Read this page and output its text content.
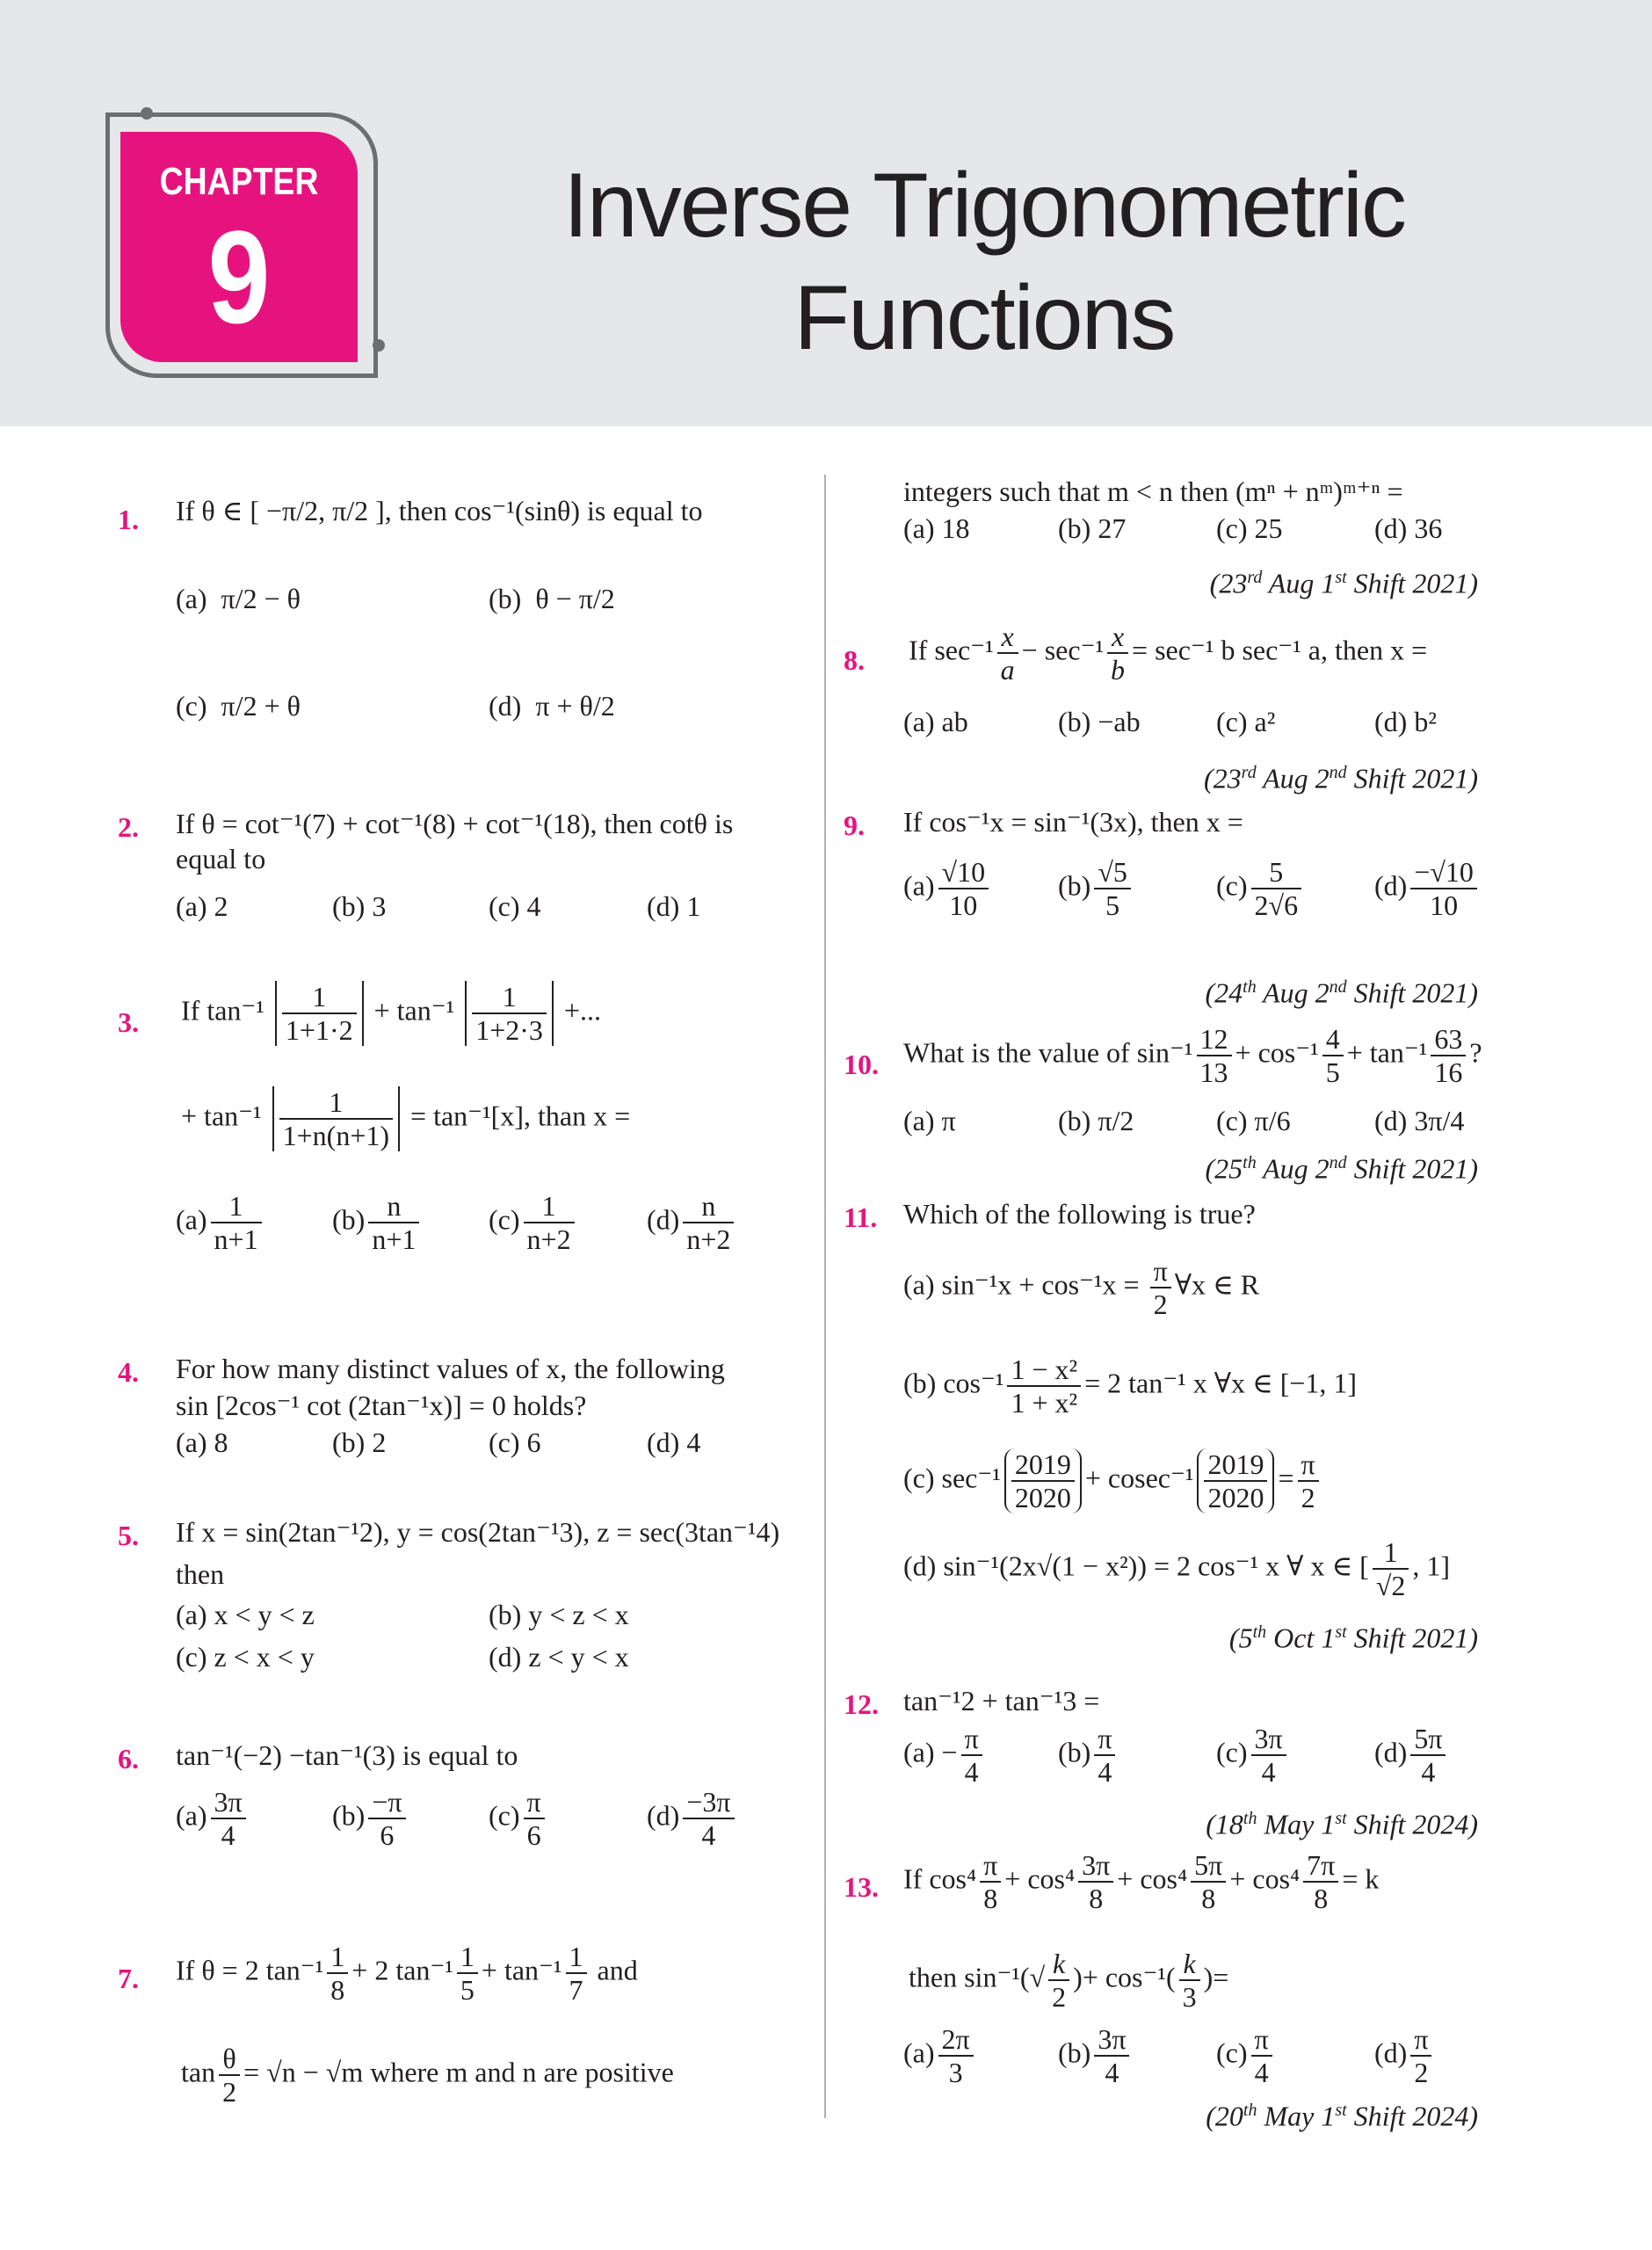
CHAPTER
9	Inverse Trigonometric
Functions
1. If θ ∈ [ −π/2, π/2 ], then cos⁻¹(sinθ) is equal to
(a) π/2 − θ	(b) θ − π/2
(c) π/2 + θ	(d) π + θ/2
2. If θ = cot⁻¹(7) + cot⁻¹(8) + cot⁻¹(18), then cotθ is
equal to
(a) 2	(b) 3	(c) 4	(d) 1
3. If $\tan^{-1} \frac{1}{1+1\cdot 2} + \tan^{-1} \frac{1}{1+2\cdot 3}$ +...
+ $\tan^{-1} \frac{1}{1+n(n+1)} = \tan^{-1}[x]$, than x =
$(a) \frac{1}{n+1}$	$(b) \frac{n}{n+1} (c) \frac{1}{n+2}$	$(d) \frac{n}{n+2}$
4. For how many distinct values of x, the following
sin [2cos⁻¹ cot (2tan⁻¹x)] = 0 holds?
(a) 8	(b) 2	(c) 6	(d) 4
5. If x = sin(2tan⁻¹2), y = cos(2tan⁻¹3), z = sec(3tan⁻¹4)
then
(a) x < y < z	(b) y < z < x
(c) z < x < y	(d) z < y < x
6. tan⁻¹(−2) −tan⁻¹(3) is equal to
$(a) \frac{3\pi}{4}$	$(b) \frac{-\pi}{6}$	$(c) \frac{\pi}{6}$	$(d) \frac{-3\pi}{4}$
7. If θ = 2 $\tan^{-1} \frac{1}{8} + 2$ $\tan^{-1} \frac{1}{5} + \tan^{-1} \frac{1}{7}$ and
$\tan \frac{\theta}{2} = √n - √m$ where m and n are positive
integers such that m < n then (mⁿ + nᵐ)ᵐ⁺ⁿ =
(a) 18	(b) 27	(c) 25	(d) 36
(23rd Aug 1st Shift 2021)
8. If $\sec^{-1} \frac{x}{a} - \sec^{-1} \frac{x}{b} = \sec^{-1}$ b sec⁻¹ a, then x =
(a) ab	(b) −ab	(c) a²	(d) b²
(23rd Aug 2nd Shift 2021)
9. If cos⁻¹x = sin⁻¹(3x), then x =
$(a) \frac{√10}{10} (b) \frac{√5}{5}$	$(c) \frac{5}{2√6}$	$(d) \frac{-√10}{10}$
(24th Aug 2nd Shift 2021)
10. What is the value of $\sin^{-1} \frac{12}{13} + \cos^{-1} \frac{4}{5} + \tan^{-1} \frac{63}{16}$ ?
(a) π	(b) π/2	(c) π/6	(d) 3π/4
(25th Aug 2nd Shift 2021)
11. Which of the following is true?
(a) $\sin^{-1}x + \cos^{-1}x = \frac{\pi}{2}$ ∀x ∈ R
(b) $\cos^{-1} \frac{\text{1 − x²}}{\text{1 + x²}} = 2$ tan⁻¹ x ∀x ∈ [−1, 1]
(c) $\sec^{-1} \frac{2019}{2020} + cosec^{-1} \frac{2019}{2020} = \frac{\pi}{2}$
(d) sin⁻¹(2x√(1 − x²)) = 2 cos⁻¹ x ∀ x ∈ [ $\frac{1}{√2}$ , 1]
(5th Oct 1st Shift 2021)
12. tan⁻¹2 + tan⁻¹3 =
$(a) - \frac{\pi}{4}$	$(b) \frac{\pi}{4}$	$(c) \frac{3\pi}{4}$	$(d) \frac{5\pi}{4}$
(18th May 1st Shift 2024)
13. If $\cos^4 \frac{\pi}{8} + \cos^4 \frac{3\pi}{8} + \cos^4 \frac{5\pi}{8} + \cos^4 \frac{7\pi}{8} = k$
then $\sin^{-1}(√ \frac{k}{2}$ )+ $\cos^{-1}( \frac{k}{3}$ )=
$(a) \frac{2\pi}{3}$	$(b) \frac{3\pi}{4}$	$(c) \frac{\pi}{4}$	$(d) \frac{\pi}{2}$
(20th May 1st Shift 2024)
